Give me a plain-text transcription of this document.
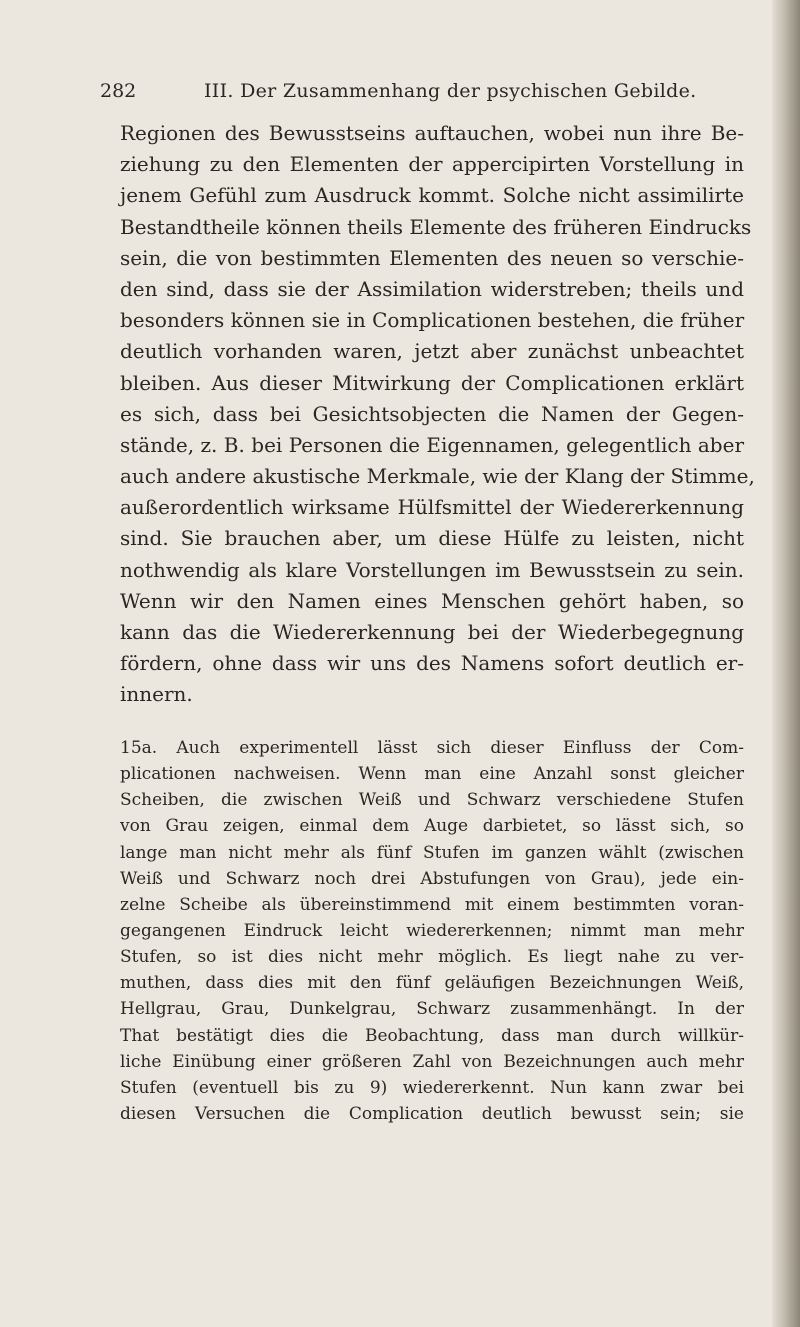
282	III. Der Zusammenhang der psychischen Gebilde.
Regionen des Bewusstseins auftauchen, wobei nun ihre Be-
ziehung zu den Elementen der appercipirten Vorstellung in
jenem Gefühl zum Ausdruck kommt. Solche nicht assimilirte
Bestandtheile können theils Elemente des früheren Eindrucks
sein, die von bestimmten Elementen des neuen so verschie-
den sind, dass sie der Assimilation widerstreben; theils und
besonders können sie in Complicationen bestehen, die früher
deutlich vorhanden waren, jetzt aber zunächst unbeachtet
bleiben. Aus dieser Mitwirkung der Complicationen erklärt
es sich, dass bei Gesichtsobjecten die Namen der Gegen-
stände, z. B. bei Personen die Eigennamen, gelegentlich aber
auch andere akustische Merkmale, wie der Klang der Stimme,
außerordentlich wirksame Hülfsmittel der Wiedererkennung
sind. Sie brauchen aber, um diese Hülfe zu leisten, nicht
nothwendig als klare Vorstellungen im Bewusstsein zu sein.
Wenn wir den Namen eines Menschen gehört haben, so
kann das die Wiedererkennung bei der Wiederbegegnung
fördern, ohne dass wir uns des Namens sofort deutlich er-
innern.
15a. Auch experimentell lässt sich dieser Einfluss der Com-
plicationen nachweisen. Wenn man eine Anzahl sonst gleicher
Scheiben, die zwischen Weiß und Schwarz verschiedene Stufen
von Grau zeigen, einmal dem Auge darbietet, so lässt sich, so
lange man nicht mehr als fünf Stufen im ganzen wählt (zwischen
Weiß und Schwarz noch drei Abstufungen von Grau), jede ein-
zelne Scheibe als übereinstimmend mit einem bestimmten voran-
gegangenen Eindruck leicht wiedererkennen; nimmt man mehr
Stufen, so ist dies nicht mehr möglich. Es liegt nahe zu ver-
muthen, dass dies mit den fünf geläufigen Bezeichnungen Weiß,
Hellgrau, Grau, Dunkelgrau, Schwarz zusammenhängt. In der
That bestätigt dies die Beobachtung, dass man durch willkür-
liche Einübung einer größeren Zahl von Bezeichnungen auch mehr
Stufen (eventuell bis zu 9) wiedererkennt. Nun kann zwar bei
diesen Versuchen die Complication deutlich bewusst sein; sie
